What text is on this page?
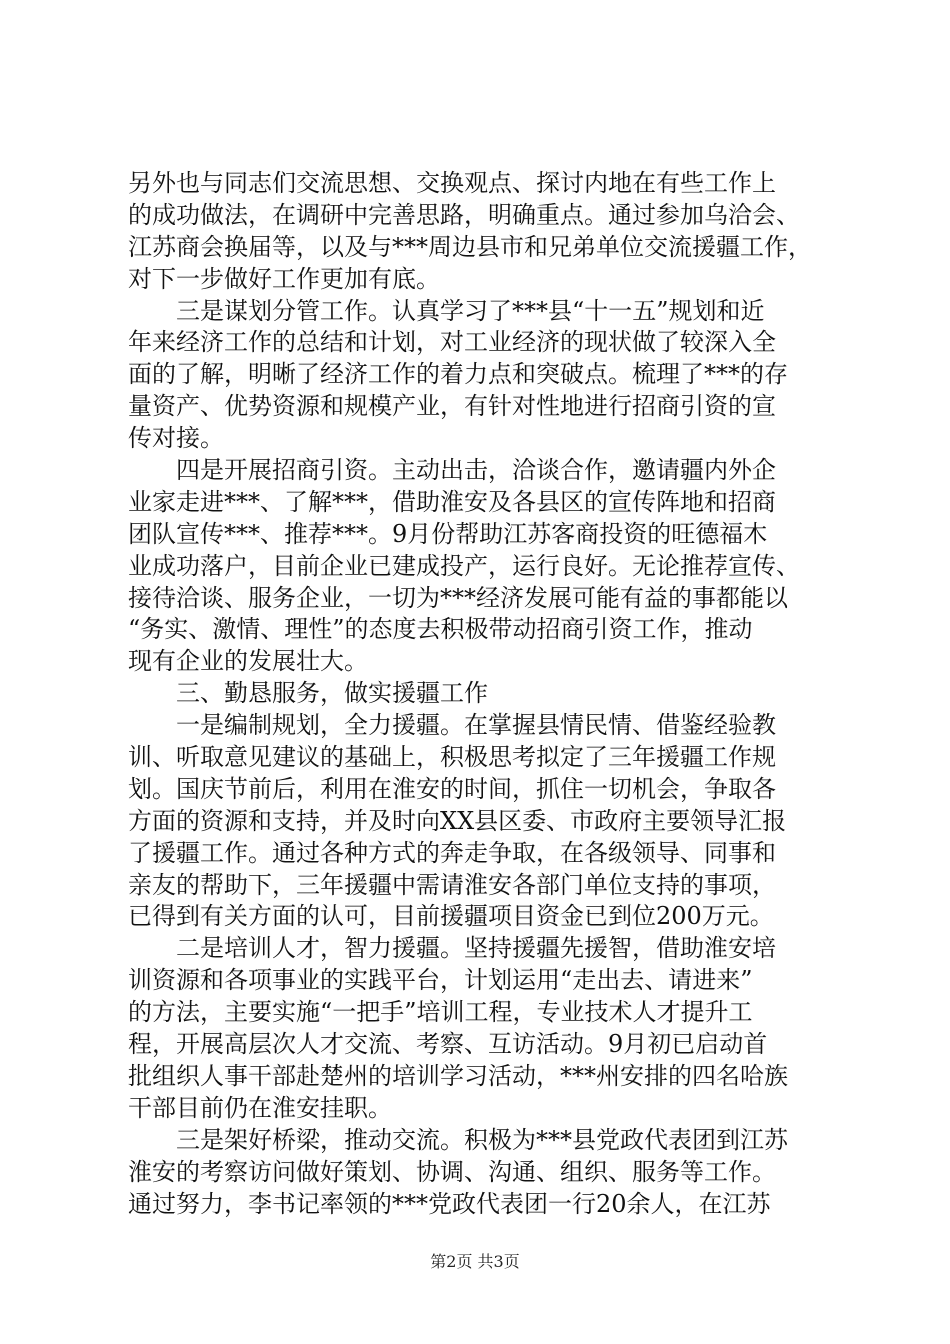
另外也与同志们交流思想、交换观点、探讨内地在有些工作上
的成功做法，在调研中完善思路，明确重点。通过参加乌洽会、
江苏商会换届等，以及与***周边县市和兄弟单位交流援疆工作，
对下一步做好工作更加有底。
　　三是谋划分管工作。认真学习了***县“十一五”规划和近
年来经济工作的总结和计划，对工业经济的现状做了较深入全
面的了解，明晰了经济工作的着力点和突破点。梳理了***的存
量资产、优势资源和规模产业，有针对性地进行招商引资的宣
传对接。
　　四是开展招商引资。主动出击，洽谈合作，邀请疆内外企
业家走进***、了解***，借助淮安及各县区的宣传阵地和招商
团队宣传***、推荐***。9月份帮助江苏客商投资的旺德福木
业成功落户，目前企业已建成投产，运行良好。无论推荐宣传、
接待洽谈、服务企业，一切为***经济发展可能有益的事都能以
“务实、激情、理性”的态度去积极带动招商引资工作，推动
现有企业的发展壮大。
　　三、勤恳服务，做实援疆工作
　　一是编制规划，全力援疆。在掌握县情民情、借鉴经验教
训、听取意见建议的基础上，积极思考拟定了三年援疆工作规
划。国庆节前后，利用在淮安的时间，抓住一切机会，争取各
方面的资源和支持，并及时向XX县区委、市政府主要领导汇报
了援疆工作。通过各种方式的奔走争取，在各级领导、同事和
亲友的帮助下，三年援疆中需请淮安各部门单位支持的事项，
已得到有关方面的认可，目前援疆项目资金已到位200万元。
　　二是培训人才，智力援疆。坚持援疆先援智，借助淮安培
训资源和各项事业的实践平台，计划运用“走出去、请进来”
的方法，主要实施“一把手”培训工程，专业技术人才提升工
程，开展高层次人才交流、考察、互访活动。9月初已启动首
批组织人事干部赴楚州的培训学习活动，***州安排的四名哈族
干部目前仍在淮安挂职。
　　三是架好桥梁，推动交流。积极为***县党政代表团到江苏
淮安的考察访问做好策划、协调、沟通、组织、服务等工作。
通过努力，李书记率领的***党政代表团一行20余人，在江苏
第2页 共3页
